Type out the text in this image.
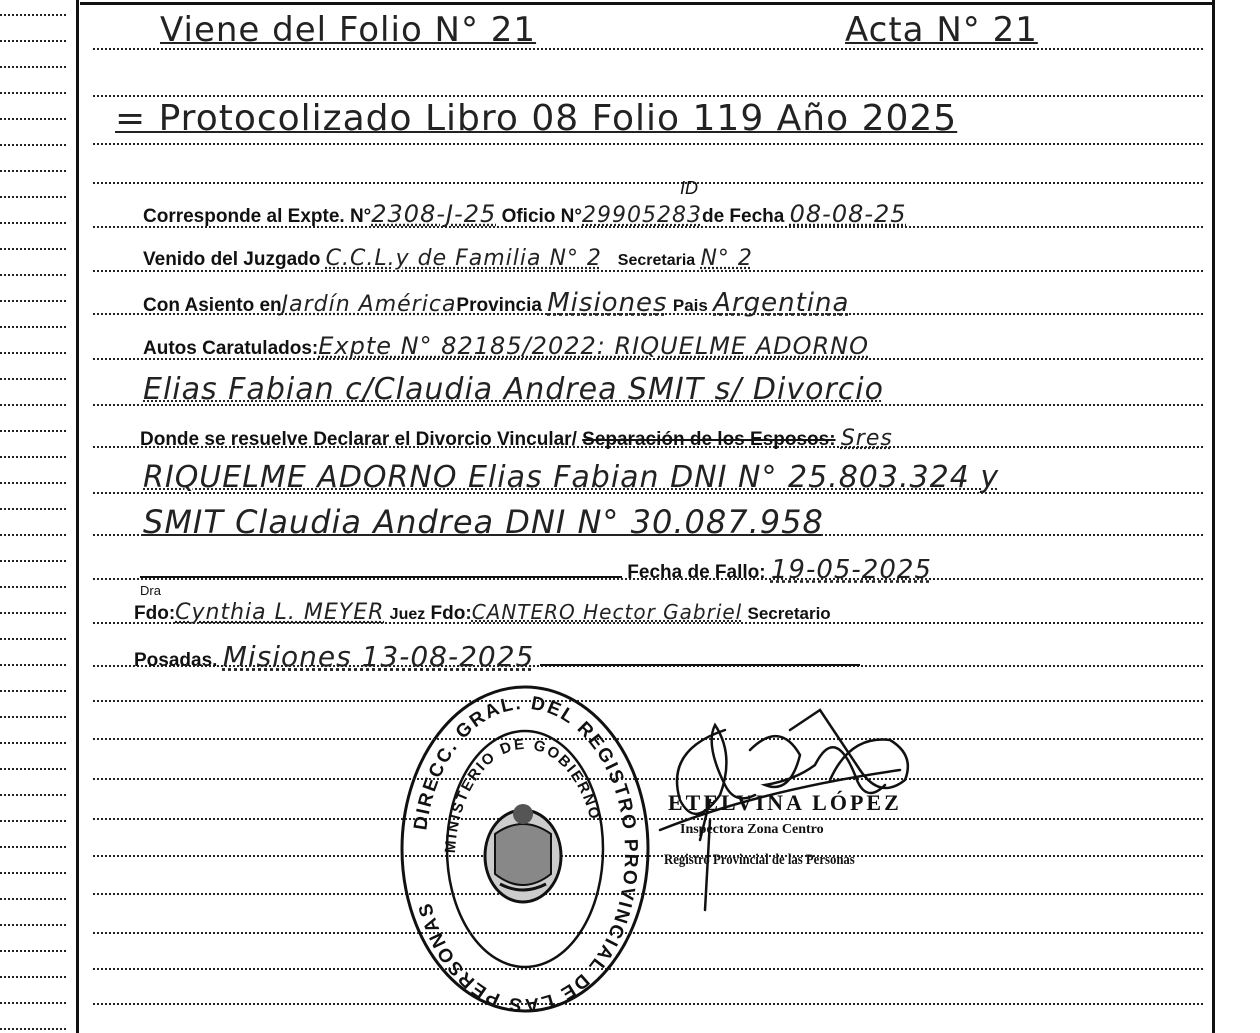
Viene del Folio N° 21	Acta N° 21
= Protocolizado Libro 08 Folio 119 Año 2025
Corresponde al Expte. N°2308-J-25 Oficio N°29905283de Fecha 08-08-25
ID
Venido del Juzgado C.C.L.y de Familia N° 2 Secretaria N° 2
Con Asiento enJardín AméricaProvincia Misiones Pais Argentina
Autos Caratulados:Expte N° 82185/2022: RIQUELME ADORNO
Elias Fabian c/Claudia Andrea SMIT s/ Divorcio
Donde se resuelve Declarar el Divorcio Vincular/ Separación de los Esposos: Sres
RIQUELME ADORNO Elias Fabian DNI N° 25.803.324 y
SMIT Claudia Andrea DNI N° 30.087.958
Fecha de Fallo: 19-05-2025
Dra
Fdo:Cynthia L. MEYER Juez Fdo:CANTERO Hector Gabriel Secretario
Posadas. Misiones 13-08-2025
DIRECC. GRAL. DEL REGISTRO PROVINCIAL DE LAS PERSONAS
MINISTERIO DE GOBIERNO	ETELVINA LÓPEZ
Inspectora Zona Centro
Registro Provincial de las Personas
